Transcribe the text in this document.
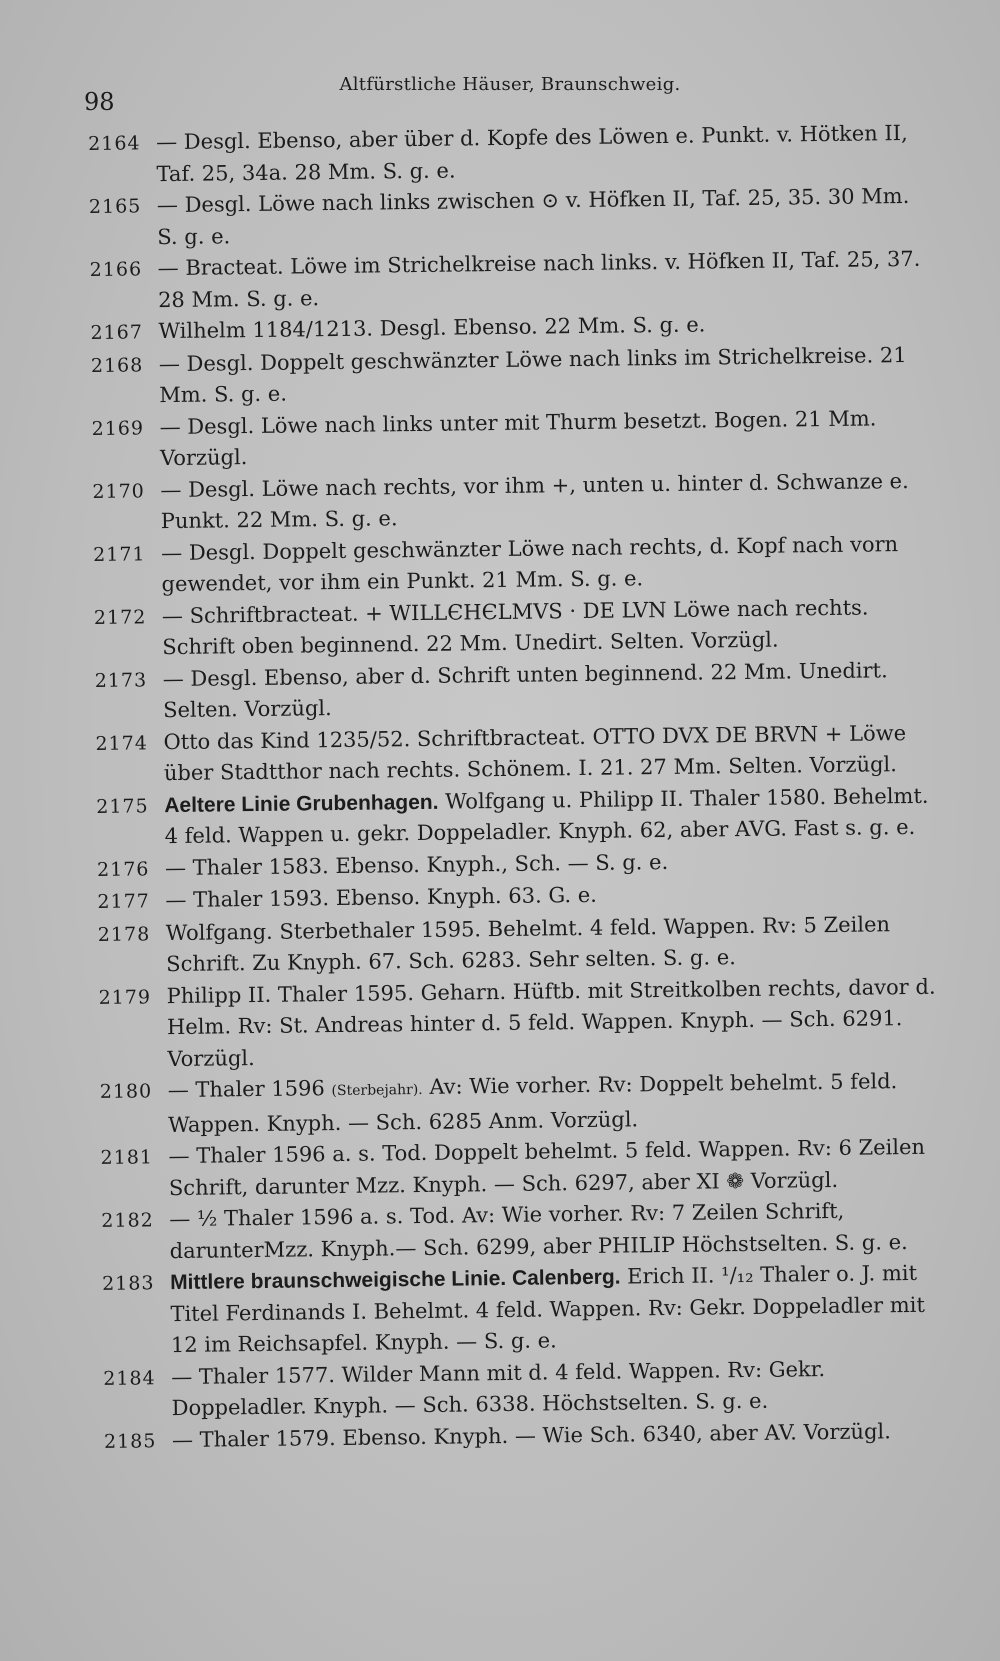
98
Altfürstliche Häuser, Braunschweig.
2164 — Desgl. Ebenso, aber über d. Kopfe des Löwen e. Punkt. v. Hötken II, Taf. 25, 34a. 28 Mm. S. g. e.
2165 — Desgl. Löwe nach links zwischen ⊙ v. Höfken II, Taf. 25, 35. 30 Mm. S. g. e.
2166 — Bracteat. Löwe im Strichelkreise nach links. v. Höfken II, Taf. 25, 37. 28 Mm. S. g. e.
2167 Wilhelm 1184/1213. Desgl. Ebenso. 22 Mm. S. g. e.
2168 — Desgl. Doppelt geschwänzter Löwe nach links im Strichelkreise. 21 Mm. S. g. e.
2169 — Desgl. Löwe nach links unter mit Thurm besetzt. Bogen. 21 Mm. Vorzügl.
2170 — Desgl. Löwe nach rechts, vor ihm +, unten u. hinter d. Schwanze e. Punkt. 22 Mm. S. g. e.
2171 — Desgl. Doppelt geschwänzter Löwe nach rechts, d. Kopf nach vorn gewendet, vor ihm ein Punkt. 21 Mm. S. g. e.
2172 — Schriftbracteat. + WILLЄHЄLMVS · DE LVN Löwe nach rechts. Schrift oben beginnend. 22 Mm. Unedirt. Selten. Vorzügl.
2173 — Desgl. Ebenso, aber d. Schrift unten beginnend. 22 Mm. Unedirt. Selten. Vorzügl.
2174 Otto das Kind 1235/52. Schriftbracteat. OTTO DVX DE BRVN + Löwe über Stadtthor nach rechts. Schönem. I. 21. 27 Mm. Selten. Vorzügl.
2175 Aeltere Linie Grubenhagen. Wolfgang u. Philipp II. Thaler 1580. Behelmt. 4 feld. Wappen u. gekr. Doppeladler. Knyph. 62, aber AVG. Fast s. g. e.
2176 — Thaler 1583. Ebenso. Knyph., Sch. — S. g. e.
2177 — Thaler 1593. Ebenso. Knyph. 63. G. e.
2178 Wolfgang. Sterbethaler 1595. Behelmt. 4 feld. Wappen. Rv: 5 Zeilen Schrift. Zu Knyph. 67. Sch. 6283. Sehr selten. S. g. e.
2179 Philipp II. Thaler 1595. Geharn. Hüftb. mit Streitkolben rechts, davor d. Helm. Rv: St. Andreas hinter d. 5 feld. Wappen. Knyph. — Sch. 6291. Vorzügl.
2180 — Thaler 1596 (Sterbejahr). Av: Wie vorher. Rv: Doppelt behelmt. 5 feld. Wappen. Knyph. — Sch. 6285 Anm. Vorzügl.
2181 — Thaler 1596 a. s. Tod. Doppelt behelmt. 5 feld. Wappen. Rv: 6 Zeilen Schrift, darunter Mzz. Knyph. — Sch. 6297, aber XI ❁ Vorzügl.
2182 — ½ Thaler 1596 a. s. Tod. Av: Wie vorher. Rv: 7 Zeilen Schrift, darunterMzz. Knyph.— Sch. 6299, aber PHILIP Höchstselten. S. g. e.
2183 Mittlere braunschweigische Linie. Calenberg. Erich II. ¹/₁₂ Thaler o. J. mit Titel Ferdinands I. Behelmt. 4 feld. Wappen. Rv: Gekr. Doppeladler mit 12 im Reichsapfel. Knyph. — S. g. e.
2184 — Thaler 1577. Wilder Mann mit d. 4 feld. Wappen. Rv: Gekr. Doppeladler. Knyph. — Sch. 6338. Höchstselten. S. g. e.
2185 — Thaler 1579. Ebenso. Knyph. — Wie Sch. 6340, aber AV. Vorzügl.
